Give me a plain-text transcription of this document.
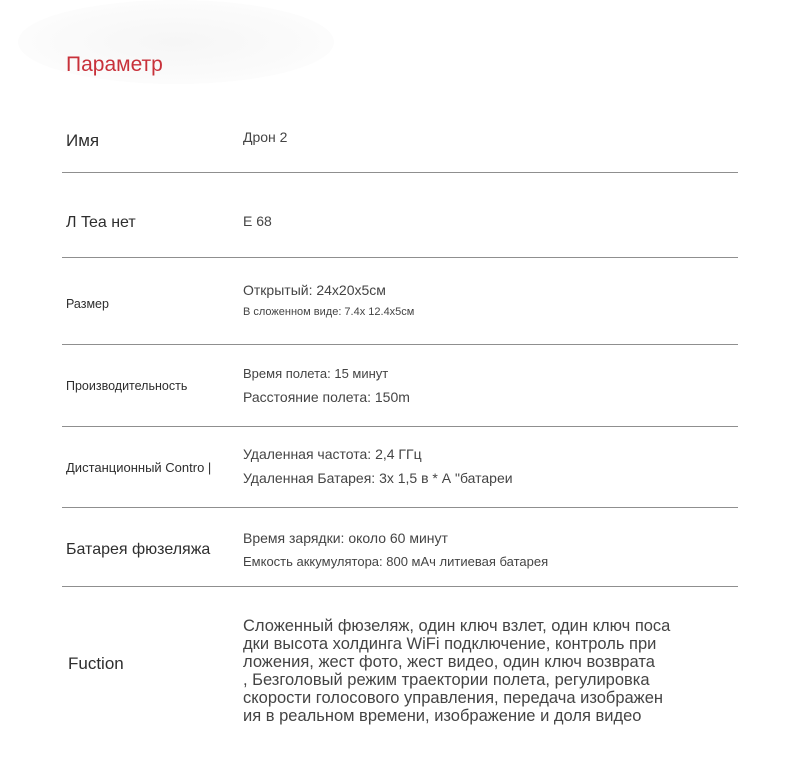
Параметр
Имя	Дрон 2
Л Tea нет	E 68
Размер
Открытый: 24x20x5см
В сложенном виде: 7.4x 12.4x5см
Производительность
Время полета: 15 минут
Расстояние полета: 150m
Дистанционный Contro |
Удаленная частота: 2,4 ГГц
Удаленная Батарея: 3x 1,5 в * А "батареи
Батарея фюзеляжа
Время зарядки: около 60 минут
Емкость аккумулятора: 800 мАч литиевая батарея
Fuction
Сложенный фюзеляж, один ключ взлет, один ключ поса
дки высота холдинга WiFi подключение, контроль при
ложения, жест фото, жест видео, один ключ возврата
, Безголовый режим траектории полета, регулировка
скорости голосового управления, передача изображен
ия в реальном времени, изображение и доля видео
